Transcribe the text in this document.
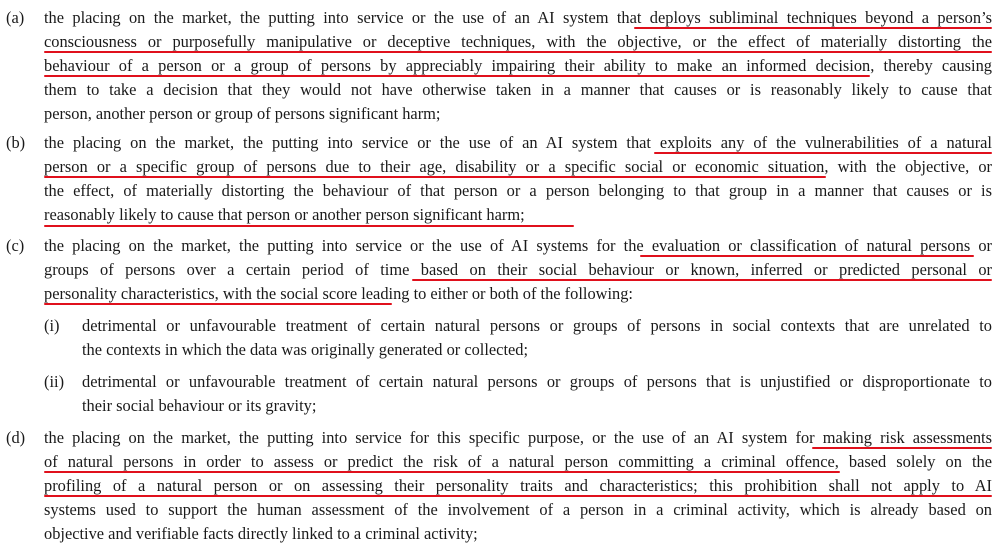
(a) the placing on the market, the putting into service or the use of an AI system that deploys subliminal techniques beyond a person’s
consciousness or purposefully manipulative or deceptive techniques, with the objective, or the effect of materially distorting the
behaviour of a person or a group of persons by appreciably impairing their ability to make an informed decision, thereby causing
them to take a decision that they would not have otherwise taken in a manner that causes or is reasonably likely to cause that
person, another person or group of persons significant harm;
(b) the placing on the market, the putting into service or the use of an AI system that exploits any of the vulnerabilities of a natural
person or a specific group of persons due to their age, disability or a specific social or economic situation, with the objective, or
the effect, of materially distorting the behaviour of that person or a person belonging to that group in a manner that causes or is
reasonably likely to cause that person or another person significant harm;
(c) the placing on the market, the putting into service or the use of AI systems for the evaluation or classification of natural persons or
groups of persons over a certain period of time based on their social behaviour or known, inferred or predicted personal or
personality characteristics, with the social score leading to either or both of the following:
(i) detrimental or unfavourable treatment of certain natural persons or groups of persons in social contexts that are unrelated to
the contexts in which the data was originally generated or collected;
(ii) detrimental or unfavourable treatment of certain natural persons or groups of persons that is unjustified or disproportionate to
their social behaviour or its gravity;
(d) the placing on the market, the putting into service for this specific purpose, or the use of an AI system for making risk assessments
of natural persons in order to assess or predict the risk of a natural person committing a criminal offence, based solely on the
profiling of a natural person or on assessing their personality traits and characteristics; this prohibition shall not apply to AI
systems used to support the human assessment of the involvement of a person in a criminal activity, which is already based on
objective and verifiable facts directly linked to a criminal activity;
